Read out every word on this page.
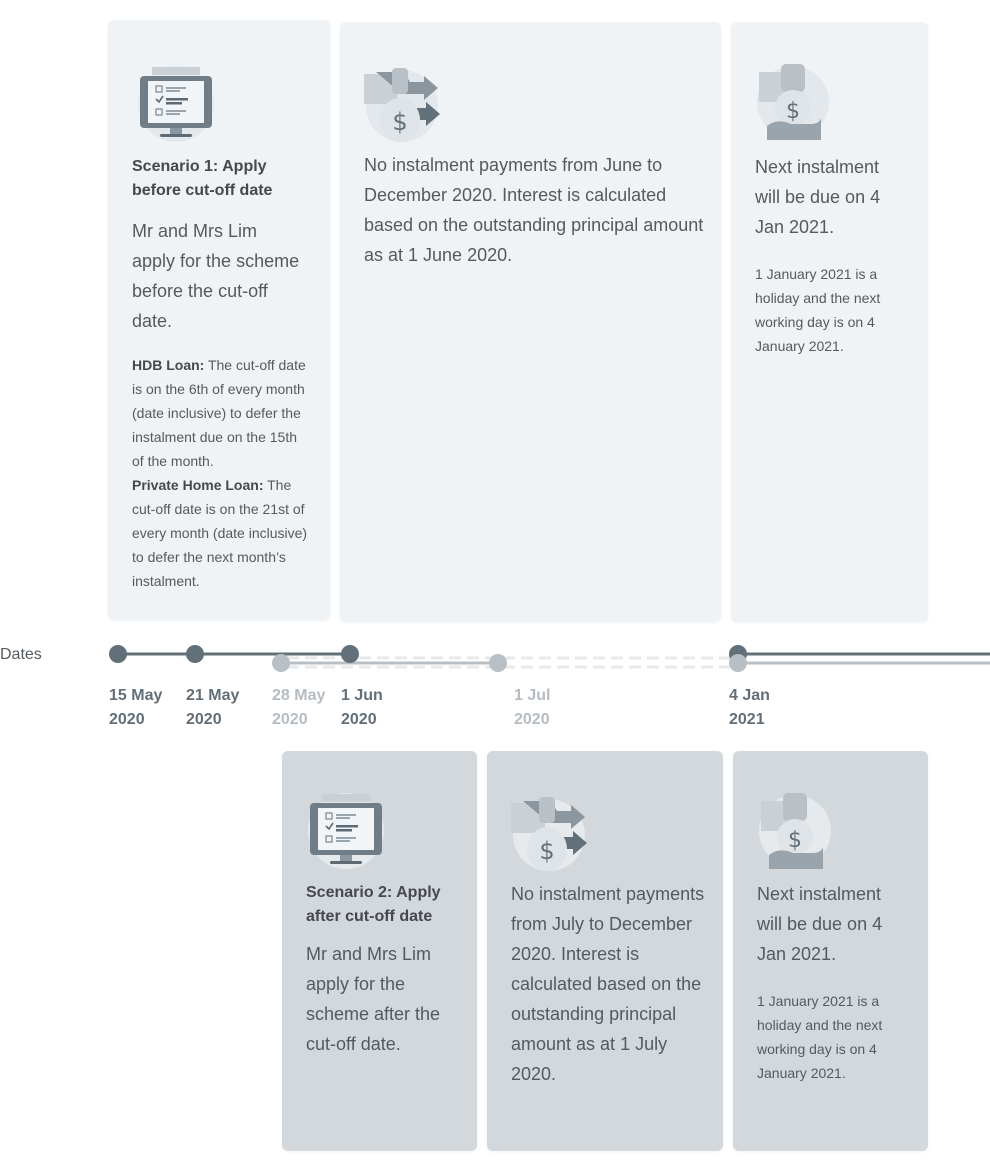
Scenario 1: Apply before cut-off date
Mr and Mrs Lim apply for the scheme before the cut-off date.
HDB Loan: The cut-off date is on the 6th of every month (date inclusive) to defer the instalment due on the 15th of the month.
Private Home Loan: The cut-off date is on the 21st of every month (date inclusive) to defer the next month’s instalment.
$
No instalment payments from June to December 2020. Interest is calculated based on the outstanding principal amount as at 1 June 2020.
$
Next instalment will be due on 4 Jan 2021.
1 January 2021 is a holiday and the next working day is on 4 January 2021.
Dates
15 May
2020
21 May
2020
28 May
2020
1 Jun
2020
1 Jul
2020
4 Jan
2021
Scenario 2: Apply after cut-off date
Mr and Mrs Lim apply for the scheme after the cut-off date.
$
No instalment payments from July to December 2020. Interest is calculated based on the outstanding principal amount as at 1 July 2020.
$
Next instalment will be due on 4 Jan 2021.
1 January 2021 is a holiday and the next working day is on 4 January 2021.
